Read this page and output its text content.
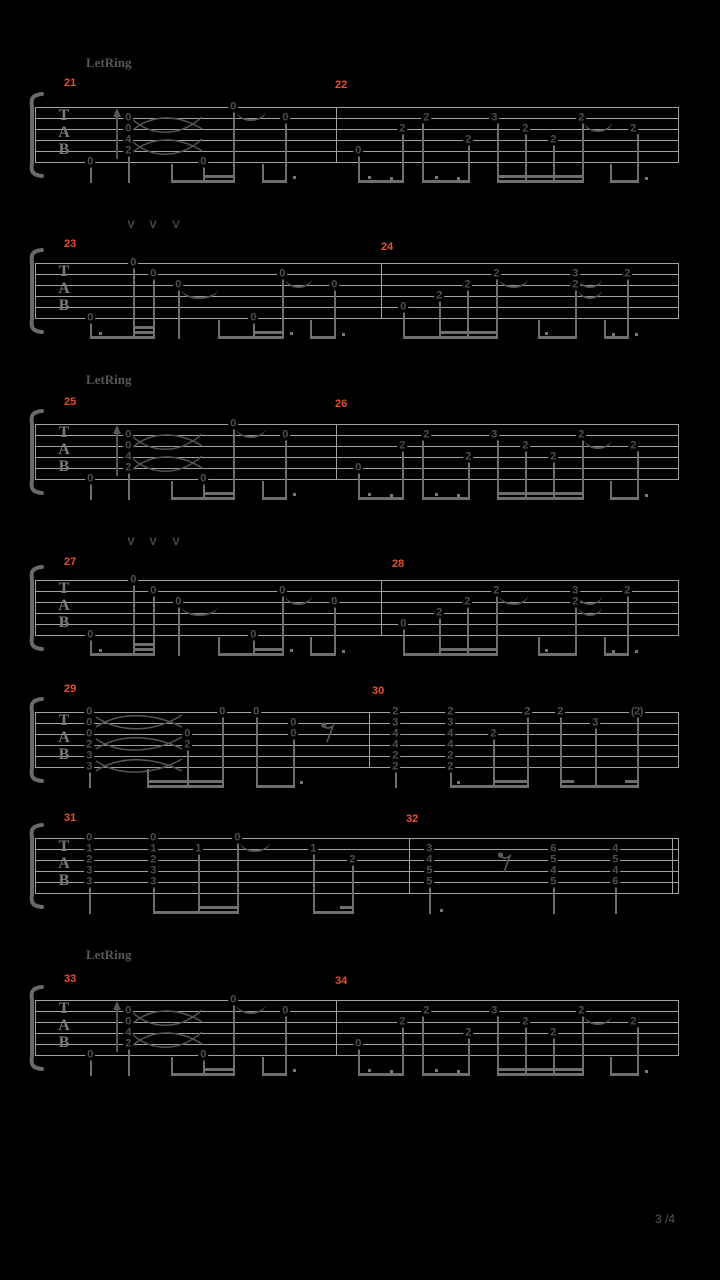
T
A
B
LetRing
21	22
0
0
0
4
2
0
0
0
0
2
2
2
3
2
2
2
2
T
A
B
23	24
V V V
0
0
0
0
0
0
0
0
2
2
2	3
2
2
T
A
B
LetRing
25	26
0
0
0
4
2
0
0
0
0
2
2
2
3
2
2
2
2
T
A
B
27	28
V V V
0
0
0
0
0
0
0
0
2
2
2	3
2
2
T
A
B
29	30
0
0
0
2
3
3
0
2
0	0
0
0
2
3
4
4
2
2
2
3
4
4
2
2
2
2 2
3
(2)
T
A
B
31	32
0
1
2
3
3
0
1
2
3
3
1
0
1
2
3
4
5
5
6
5
4
5
4
5
4
6
T
A
B
LetRing
33	34
0
0
0
4
2
0
0
0
0
2
2
2
3
2
2
2
2
3 /4
